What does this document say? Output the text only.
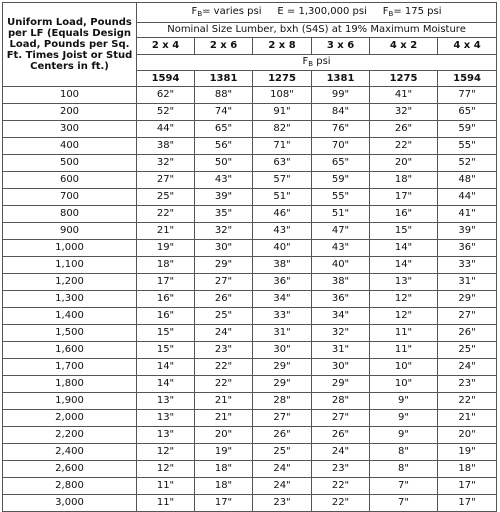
Uniform Load, Pounds per LF (Equals Design Load, Pounds per Sq. Ft. Times Joist or Stud Centers in ft.)	$F_B=$ varies psi E = 1,300,000 psi $F_B= 175$ psi					
	Nominal Size Lumber, bxh (S4S) at 19% Maximum Moisture					
	2 x 4	2 x 6	2 x 8	3 x 6	4 x 2	4 x 4
	$F_B$ psi					
	1594	1381	1275	1381	1275	1594
100	62"	88"	108"	99"	41"	77"
200	52"	74"	91"	84"	32"	65"
300	44"	65"	82"	76"	26"	59"
400	38"	56"	71"	70"	22"	55"
500	32"	50"	63"	65"	20"	52"
600	27"	43"	57"	59"	18"	48"
700	25"	39"	51"	55"	17"	44"
800	22"	35"	46"	51"	16"	41"
900	21"	32"	43"	47"	15"	39"
1,000	19"	30"	40"	43"	14"	36"
1,100	18"	29"	38"	40"	14"	33"
1,200	17"	27"	36"	38"	13"	31"
1,300	16"	26"	34"	36"	12"	29"
1,400	16"	25"	33"	34"	12"	27"
1,500	15"	24"	31"	32"	11"	26"
1,600	15"	23"	30"	31"	11"	25"
1,700	14"	22"	29"	30"	10"	24"
1,800	14"	22"	29"	29"	10"	23"
1,900	13"	21"	28"	28"	9"	22"
2,000	13"	21"	27"	27"	9"	21"
2,200	13"	20"	26"	26"	9"	20"
2,400	12"	19"	25"	24"	8"	19"
2,600	12"	18"	24"	23"	8"	18"
2,800	11"	18"	24"	22"	7"	17"
3,000	11"	17"	23"	22"	7"	17"
